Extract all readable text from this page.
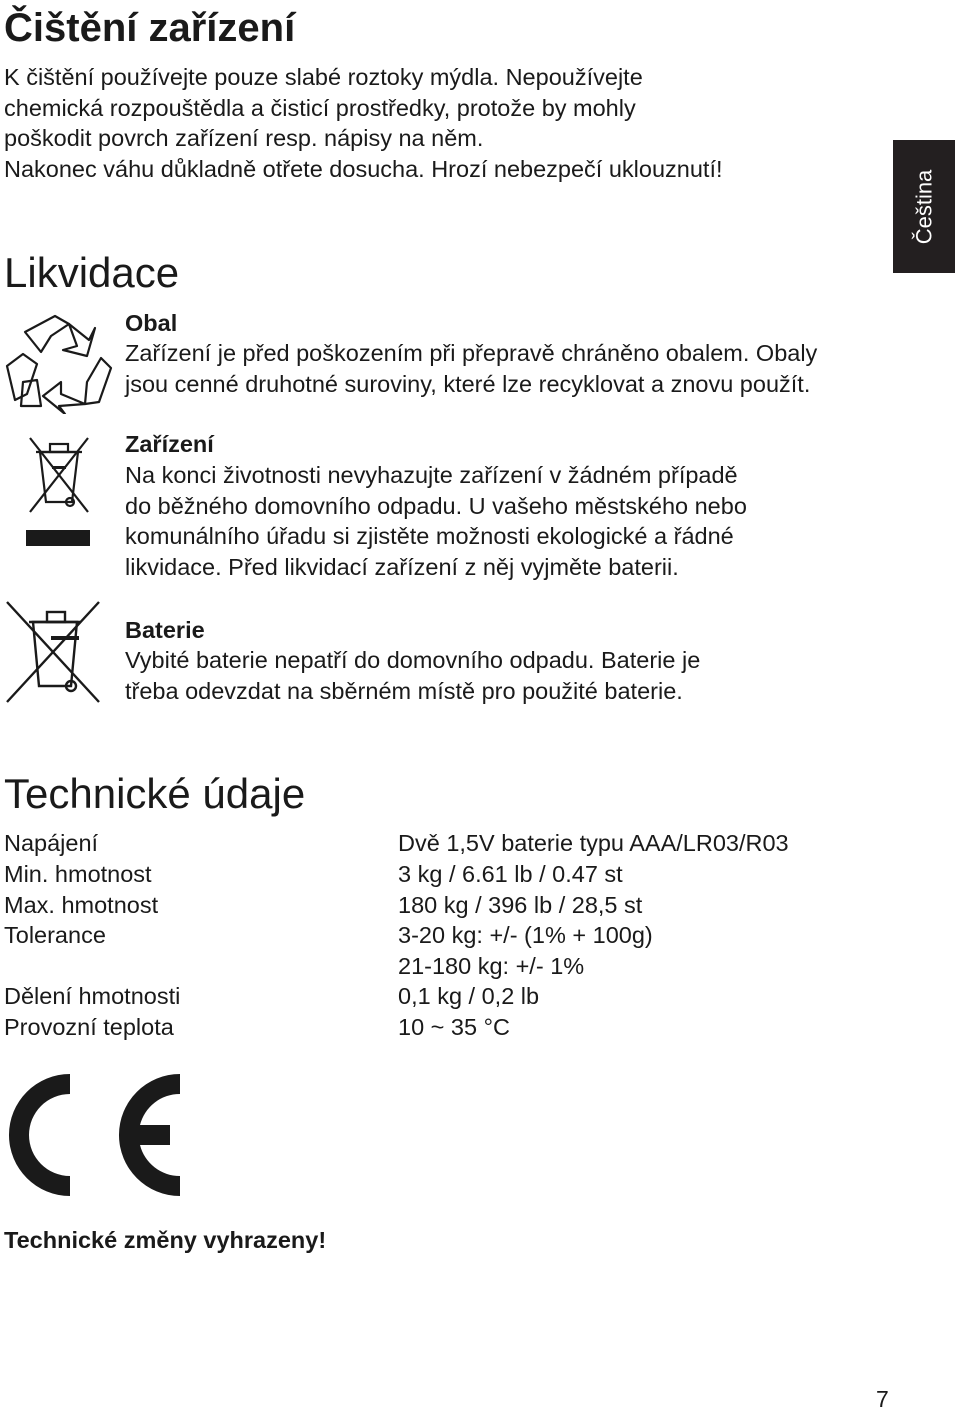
Čeština
Čištění zařízení
K čištění používejte pouze slabé roztoky mýdla. Nepoužívejte
chemická rozpouštědla a čisticí prostředky, protože by mohly
poškodit povrch zařízení resp. nápisy na něm.
Nakonec váhu důkladně otřete dosucha. Hrozí nebezpečí uklouznutí!
Likvidace
Obal
Zařízení je před poškozením při přepravě chráněno obalem. Obaly
jsou cenné druhotné suroviny, které lze recyklovat a znovu použít.
Zařízení
Na konci životnosti nevyhazujte zařízení v žádném případě
do běžného domovního odpadu. U vašeho městského nebo
komunálního úřadu si zjistěte možnosti ekologické a řádné
likvidace. Před likvidací zařízení z něj vyjměte baterii.
Baterie
Vybité baterie nepatří do domovního odpadu. Baterie je
třeba odevzdat na sběrném místě pro použité baterie.
Technické údaje
Napájení	Dvě 1,5V baterie typu AAA/LR03/R03
Min. hmotnost	3 kg / 6.61 lb / 0.47 st
Max. hmotnost	180 kg / 396 lb / 28,5 st
Tolerance	3-20 kg: +/- (1% + 100g)
21-180 kg: +/- 1%
Dělení hmotnosti	0,1 kg / 0,2 lb
Provozní teplota	10 ~ 35 °C
Technické změny vyhrazeny!
7
